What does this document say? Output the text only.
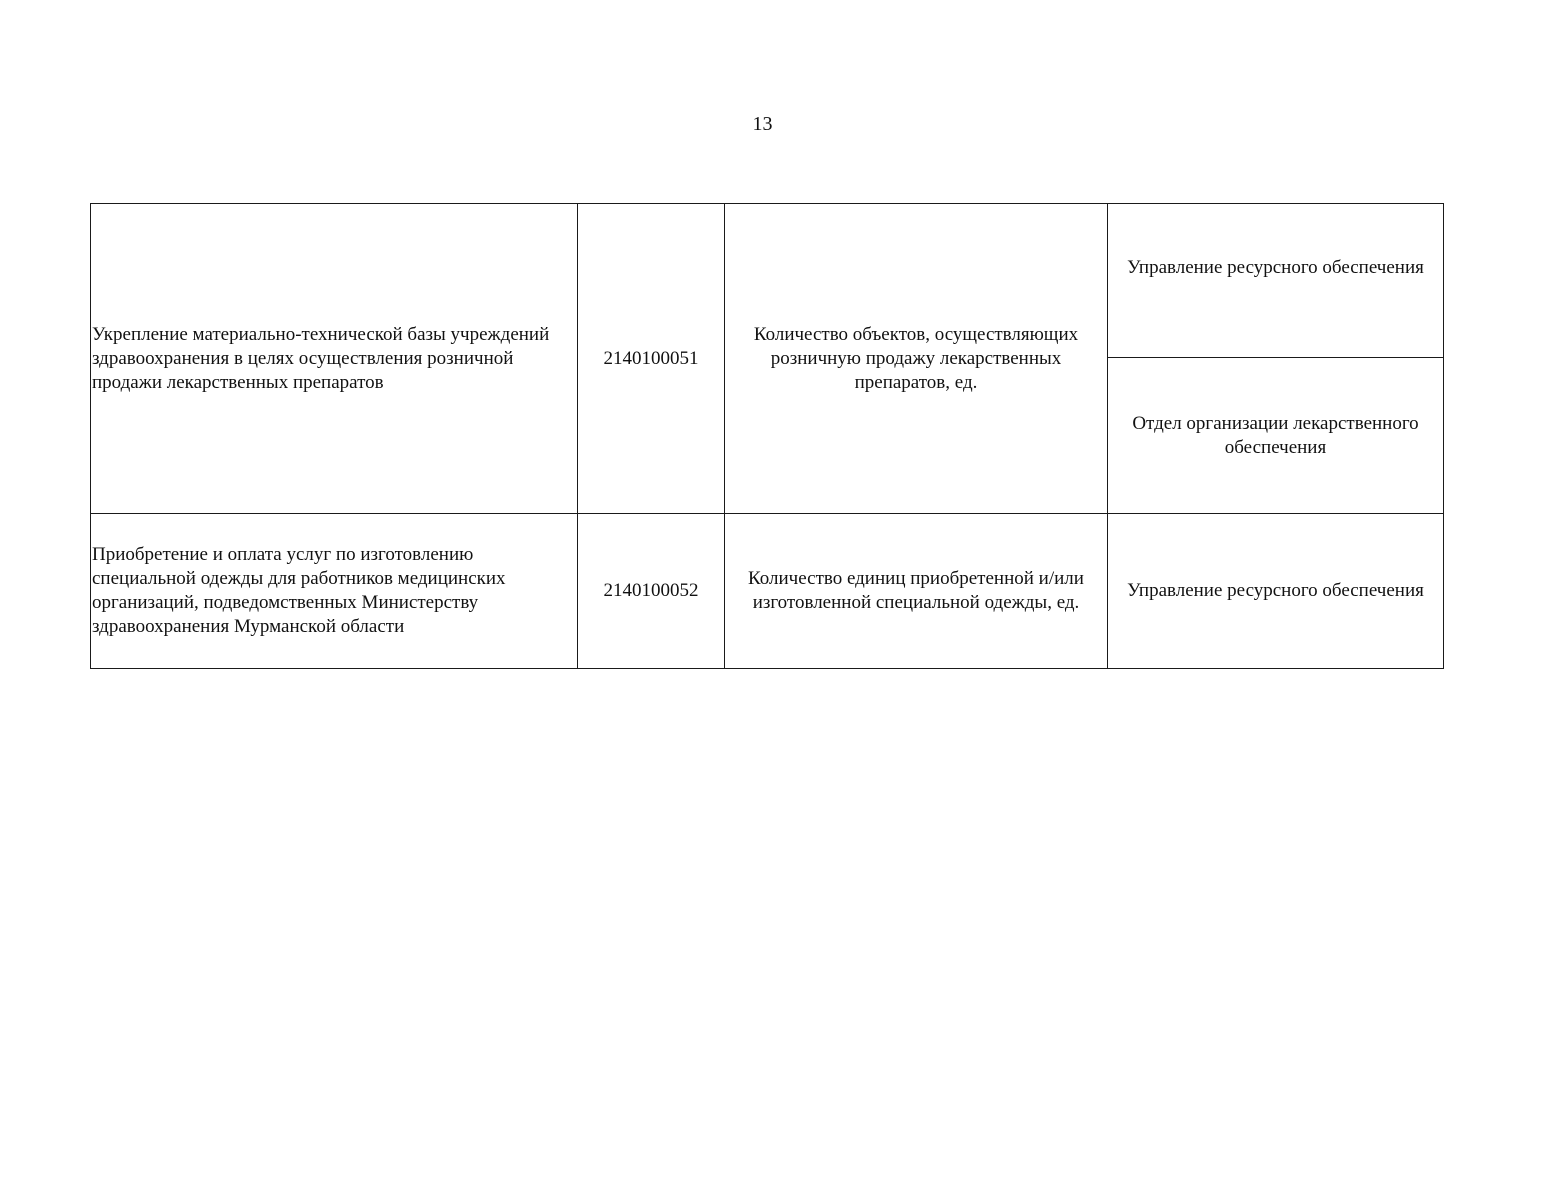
13
Укрепление материально-технической базы учреждений здравоохранения в целях осуществления розничной продажи лекарственных препаратов	2140100051	Количество объектов, осуществляющих розничную продажу лекарственных препаратов, ед.	Управление ресурсного обеспечения
			Отдел организации лекарственного обеспечения
Приобретение и оплата услуг по изготовлению специальной одежды для работников медицинских организаций, подведомственных Министерству здравоохранения Мурманской области	2140100052	Количество единиц приобретенной и/или изготовленной специальной одежды, ед.	Управление ресурсного обеспечения
